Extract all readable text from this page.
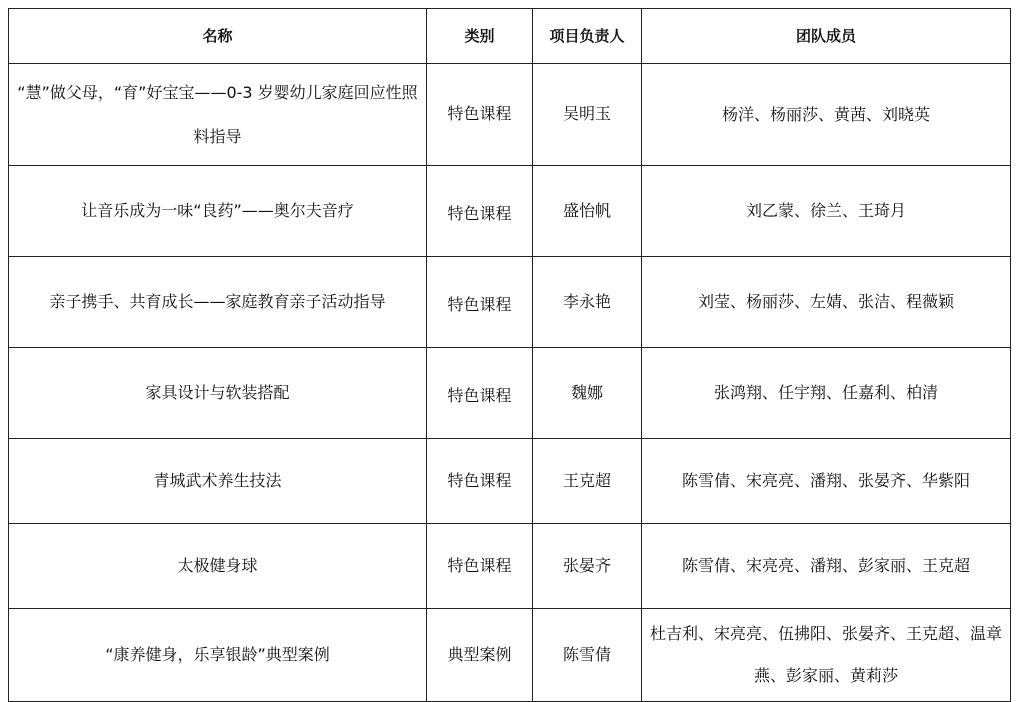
名称	类别	项目负责人	团队成员
“慧”做父母，“育”好宝宝——0-3 岁婴幼儿家庭回应性照料指导	特色课程	吴明玉	杨洋、杨丽莎、黄茜、刘晓英
让音乐成为一味“良药”——奥尔夫音疗	特色课程	盛怡帆	刘乙蒙、徐兰、王琦月
亲子携手、共育成长——家庭教育亲子活动指导	特色课程	李永艳	刘莹、杨丽莎、左婧、张洁、程薇颖
家具设计与软装搭配	特色课程	魏娜	张鸿翔、任宇翔、任嘉利、柏清
青城武术养生技法	特色课程	王克超	陈雪倩、宋亮亮、潘翔、张晏齐、华紫阳
太极健身球	特色课程	张晏齐	陈雪倩、宋亮亮、潘翔、彭家丽、王克超
“康养健身，乐享银龄”典型案例	典型案例	陈雪倩	杜吉利、宋亮亮、伍拂阳、张晏齐、王克超、温章燕、彭家丽、黄莉莎
